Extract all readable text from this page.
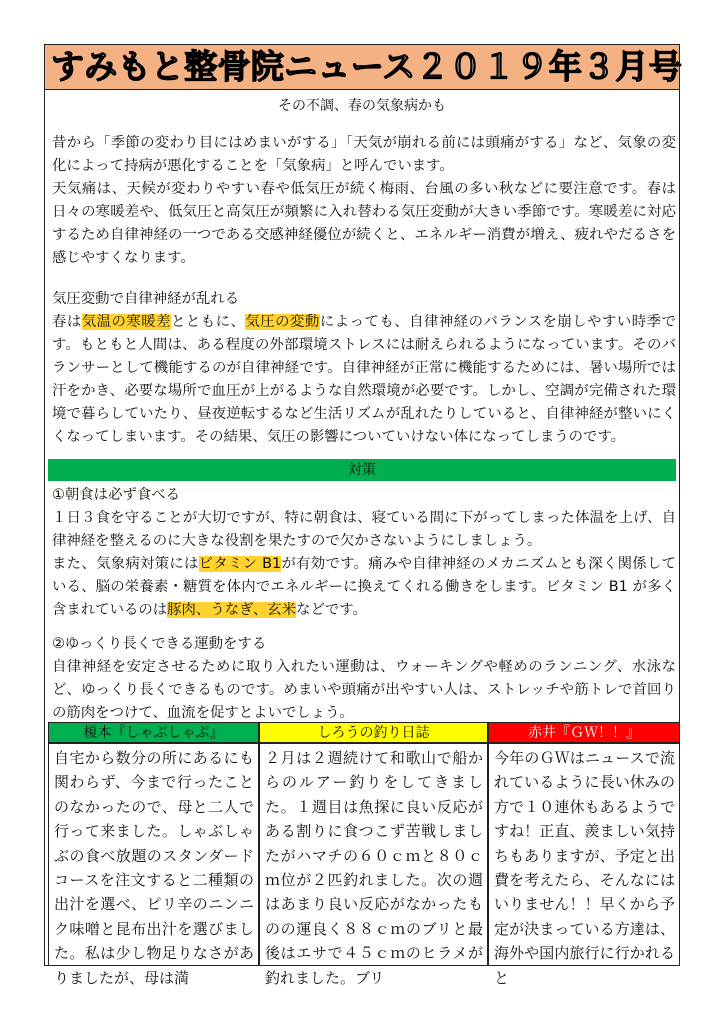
すみもと整骨院ニュース２０１９年３月号
その不調、春の気象病かも

昔から「季節の変わり目にはめまいがする」「天気が崩れる前には頭痛がする」など、気象の変化によって持病が悪化することを「気象病」と呼んでいます。

天気痛は、天候が変わりやすい春や低気圧が続く梅雨、台風の多い秋などに要注意です。春は日々の寒暖差や、低気圧と高気圧が頻繁に入れ替わる気圧変動が大きい季節です。寒暖差に対応するため自律神経の一つである交感神経優位が続くと、エネルギー消費が増え、疲れやだるさを感じやすくなります。

気圧変動で自律神経が乱れる

春は気温の寒暖差とともに、気圧の変動によっても、自律神経のバランスを崩しやすい時季です。もともと人間は、ある程度の外部環境ストレスには耐えられるようになっています。そのバランサーとして機能するのが自律神経です。自律神経が正常に機能するためには、暑い場所では汗をかき、必要な場所で血圧が上がるような自然環境が必要です。しかし、空調が完備された環境で暮らしていたり、昼夜逆転するなど生活リズムが乱れたりしていると、自律神経が整いにくくなってしまいます。その結果、気圧の影響についていけない体になってしまうのです。

対策

①朝食は必ず食べる

１日３食を守ることが大切ですが、特に朝食は、寝ている間に下がってしまった体温を上げ、自律神経を整えるのに大きな役割を果たすので欠かさないようにしましょう。

また、気象病対策にはビタミン B1が有効です。痛みや自律神経のメカニズムとも深く関係している、脳の栄養素・糖質を体内でエネルギーに換えてくれる働きをします。ビタミン B1 が多く含まれているのは豚肉、うなぎ、玄米などです。

②ゆっくり長くできる運動をする

自律神経を安定させるために取り入れたい運動は、ウォーキングや軽めのランニング、水泳など、ゆっくり長くできるものです。めまいや頭痛が出やすい人は、ストレッチや筋トレで首回りの筋肉をつけて、血流を促すとよいでしょう。

榎本『しゃぶしゃぶ』	しろうの釣り日誌	赤井『ＧＷ！！』

自宅から数分の所にあるにも関わらず、今まで行ったことのなかったので、母と二人で行って来ました。しゃぶしゃぶの食べ放題のスタンダードコースを注文すると二種類の出汁を選べ、ピリ辛のニンニク味噌と昆布出汁を選びました。私は少し物足りなさがありましたが、母は満

２月は２週続けて和歌山で船からのルアー釣りをしてきました。１週目は魚探に良い反応がある割りに食つこず苦戦しましたがハマチの６０ｃｍと８０ｃｍ位が２匹釣れました。次の週はあまり良い反応がなかったものの運良く８８ｃｍのブリと最後はエサで４５ｃｍのヒラメが釣れました。ブリ

今年のＧＷはニュースで流れているように長い休みの方で１０連休もあるようですね！正直、羨ましい気持ちもありますが、予定と出費を考えたら、そんなにはいりません！！早くから予定が決まっている方達は、海外や国内旅行に行かれると
